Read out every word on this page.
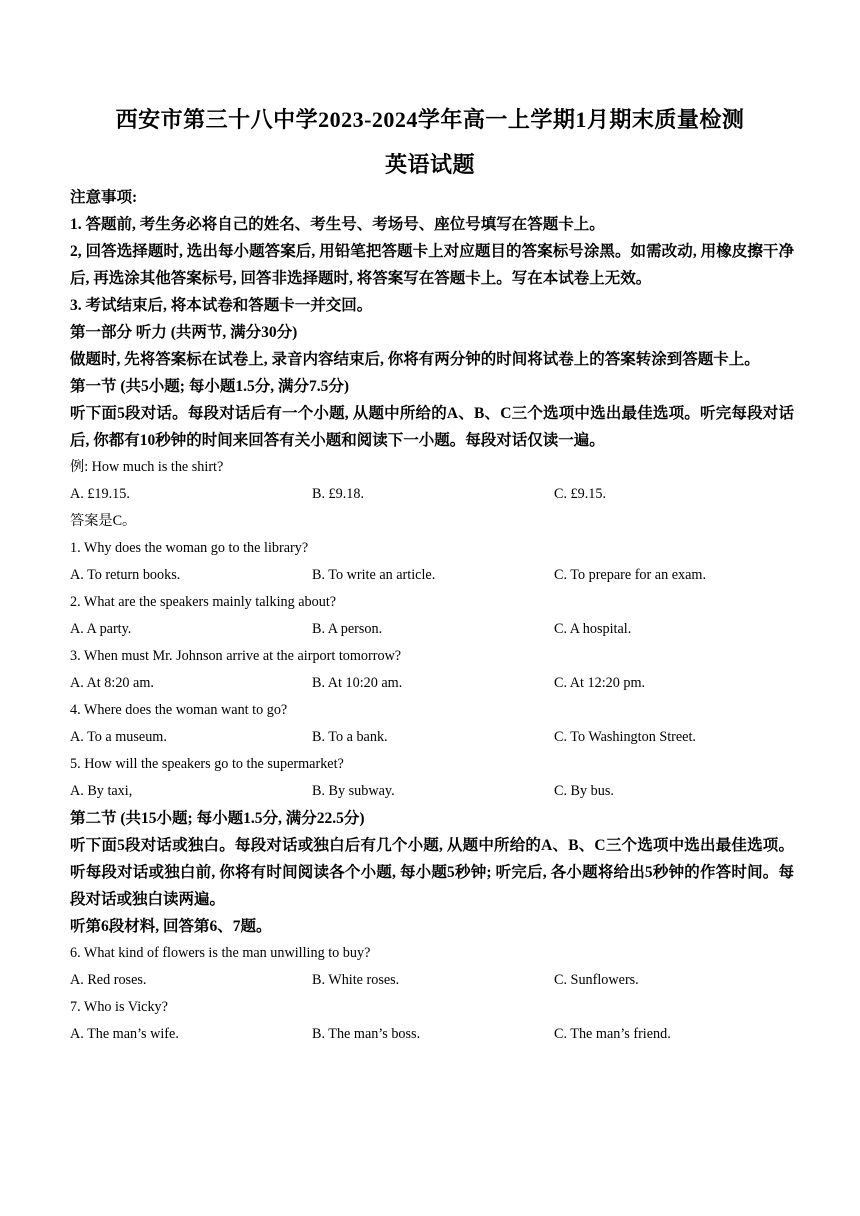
西安市第三十八中学2023-2024学年高一上学期1月期末质量检测
英语试题
注意事项:
1. 答题前, 考生务必将自己的姓名、考生号、考场号、座位号填写在答题卡上。
2, 回答选择题时, 选出每小题答案后, 用铅笔把答题卡上对应题目的答案标号涂黑。如需改动, 用橡皮擦干净后, 再选涂其他答案标号, 回答非选择题时, 将答案写在答题卡上。写在本试卷上无效。
3. 考试结束后, 将本试卷和答题卡一并交回。
第一部分 听力 (共两节, 满分30分)
做题时, 先将答案标在试卷上, 录音内容结束后, 你将有两分钟的时间将试卷上的答案转涂到答题卡上。
第一节 (共5小题; 每小题1.5分, 满分7.5分)
听下面5段对话。每段对话后有一个小题, 从题中所给的A、B、C三个选项中选出最佳选项。听完每段对话后, 你都有10秒钟的时间来回答有关小题和阅读下一小题。每段对话仅读一遍。
例: How much is the shirt?
A. £19.15.	B. £9.18.	C. £9.15.
答案是C。
1. Why does the woman go to the library?
A. To return books.	B. To write an article.	C. To prepare for an exam.
2. What are the speakers mainly talking about?
A. A party.	B. A person.	C. A hospital.
3. When must Mr. Johnson arrive at the airport tomorrow?
A. At 8:20 am.	B. At 10:20 am.	C. At 12:20 pm.
4. Where does the woman want to go?
A. To a museum.	B. To a bank.	C. To Washington Street.
5. How will the speakers go to the supermarket?
A. By taxi,	B. By subway.	C. By bus.
第二节 (共15小题; 每小题1.5分, 满分22.5分)
听下面5段对话或独白。每段对话或独白后有几个小题, 从题中所给的A、B、C三个选项中选出最佳选项。听每段对话或独白前, 你将有时间阅读各个小题, 每小题5秒钟; 听完后, 各小题将给出5秒钟的作答时间。每段对话或独白读两遍。
听第6段材料, 回答第6、7题。
6. What kind of flowers is the man unwilling to buy?
A. Red roses.	B. White roses.	C. Sunflowers.
7. Who is Vicky?
A. The man’s wife.	B. The man’s boss.	C. The man’s friend.
